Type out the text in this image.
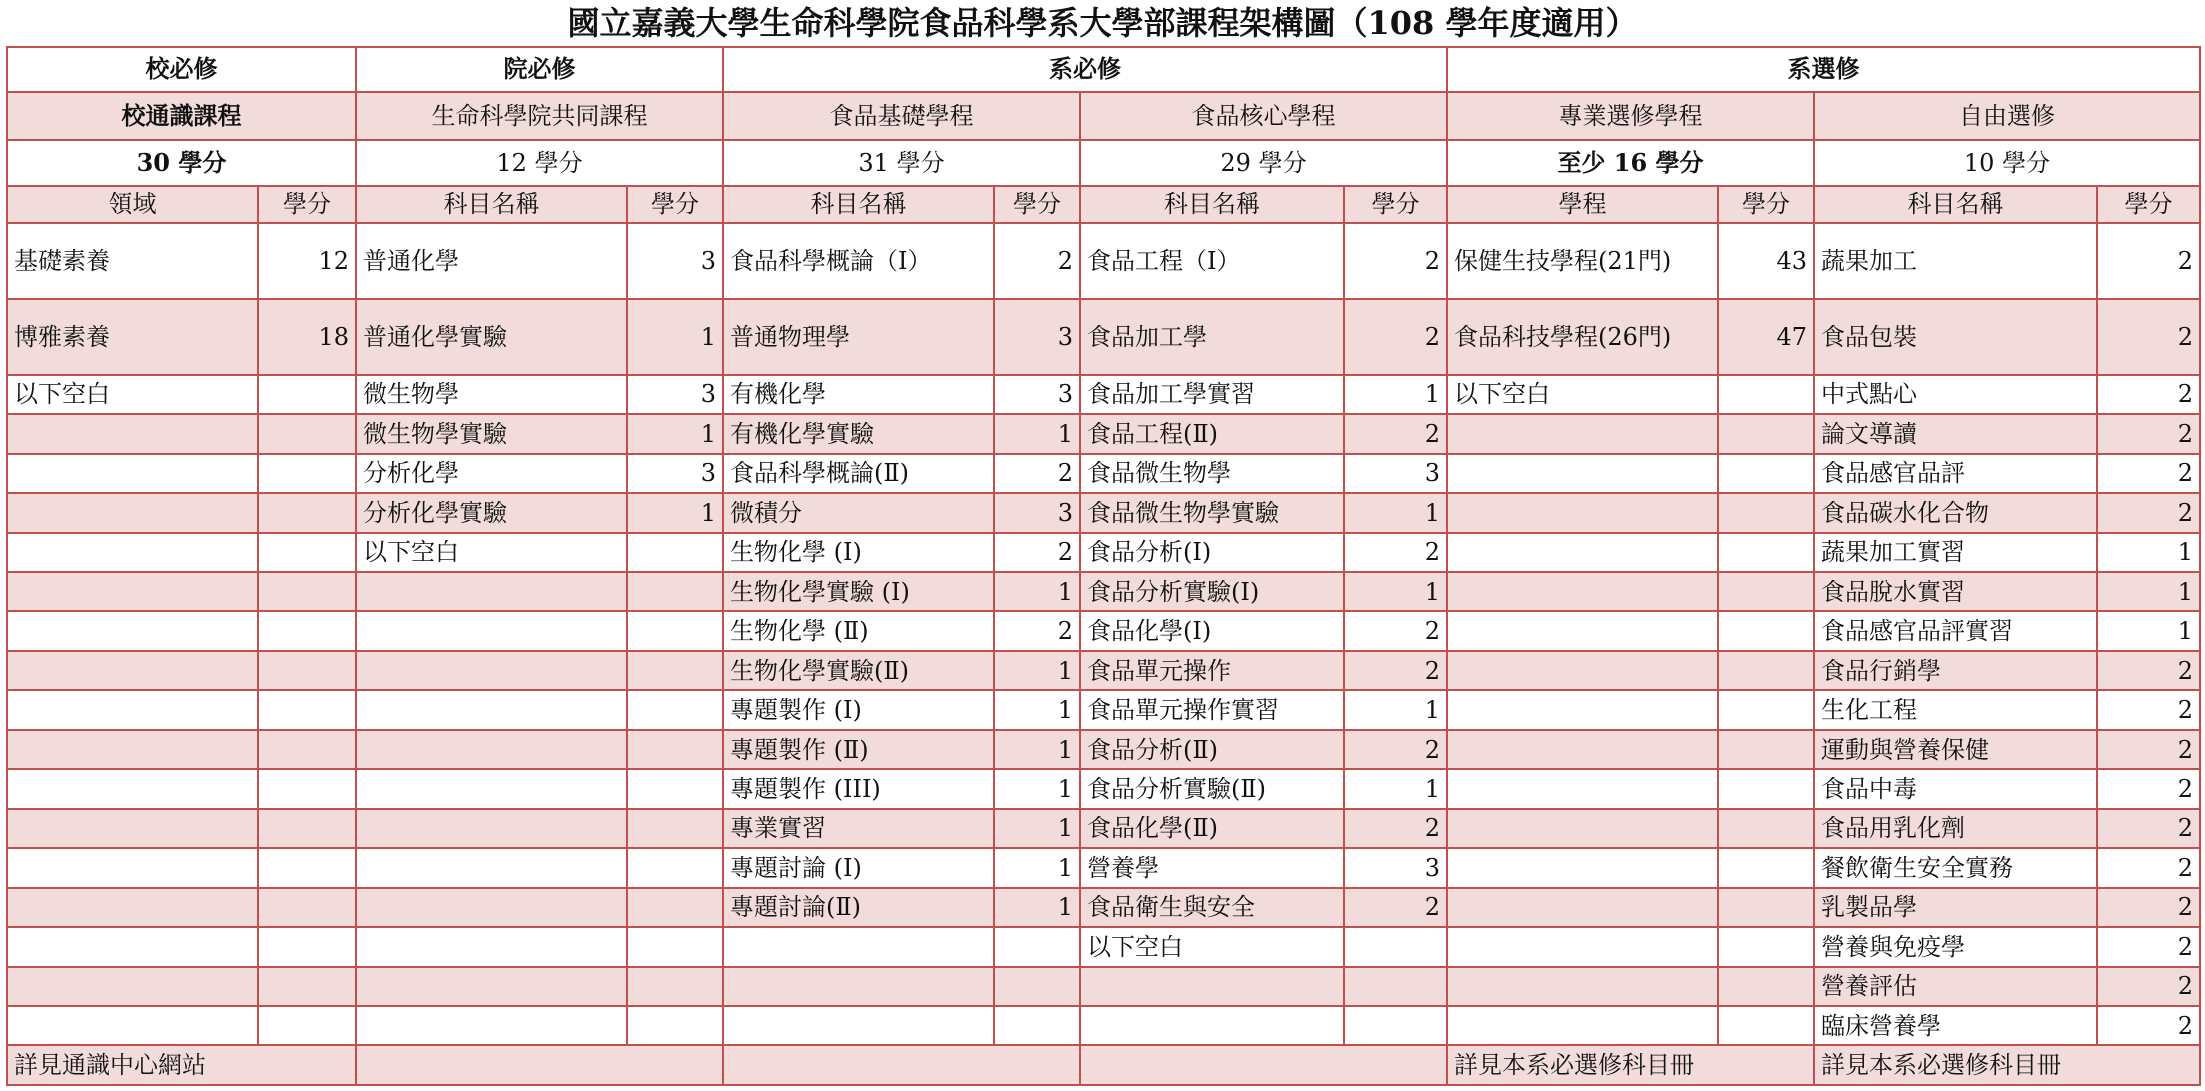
國立嘉義大學生命科學院食品科學系大學部課程架構圖（108 學年度適用）
校必修		院必修		系必修				系選修			
校通識課程		生命科學院共同課程		食品基礎學程		食品核心學程		專業選修學程		自由選修	
30 學分		12 學分		31 學分		29 學分		至少 16 學分		10 學分	
領域	學分	科目名稱	學分	科目名稱	學分	科目名稱	學分	學程	學分	科目名稱	學分
基礎素養	12	普通化學	3	食品科學概論（Ⅰ）	2	食品工程（Ⅰ）	2	保健生技學程(21門)	43	蔬果加工	2
博雅素養	18	普通化學實驗	1	普通物理學	3	食品加工學	2	食品科技學程(26門)	47	食品包裝	2
以下空白		微生物學	3	有機化學	3	食品加工學實習	1	以下空白		中式點心	2
		微生物學實驗	1	有機化學實驗	1	食品工程(Ⅱ)	2			論文導讀	2
		分析化學	3	食品科學概論(Ⅱ)	2	食品微生物學	3			食品感官品評	2
		分析化學實驗	1	微積分	3	食品微生物學實驗	1			食品碳水化合物	2
		以下空白		生物化學 (Ⅰ)	2	食品分析(Ⅰ)	2			蔬果加工實習	1
				生物化學實驗 (Ⅰ)	1	食品分析實驗(Ⅰ)	1			食品脫水實習	1
				生物化學 (Ⅱ)	2	食品化學(Ⅰ)	2			食品感官品評實習	1
				生物化學實驗(Ⅱ)	1	食品單元操作	2			食品行銷學	2
				專題製作 (Ⅰ)	1	食品單元操作實習	1			生化工程	2
				專題製作 (Ⅱ)	1	食品分析(Ⅱ)	2			運動與營養保健	2
				專題製作 (III)	1	食品分析實驗(Ⅱ)	1			食品中毒	2
				專業實習	1	食品化學(Ⅱ)	2			食品用乳化劑	2
				專題討論 (Ⅰ)	1	營養學	3			餐飲衛生安全實務	2
				專題討論(Ⅱ)	1	食品衛生與安全	2			乳製品學	2
						以下空白				營養與免疫學	2
										營養評估	2
										臨床營養學	2
詳見通識中心網站								詳見本系必選修科目冊		詳見本系必選修科目冊	
